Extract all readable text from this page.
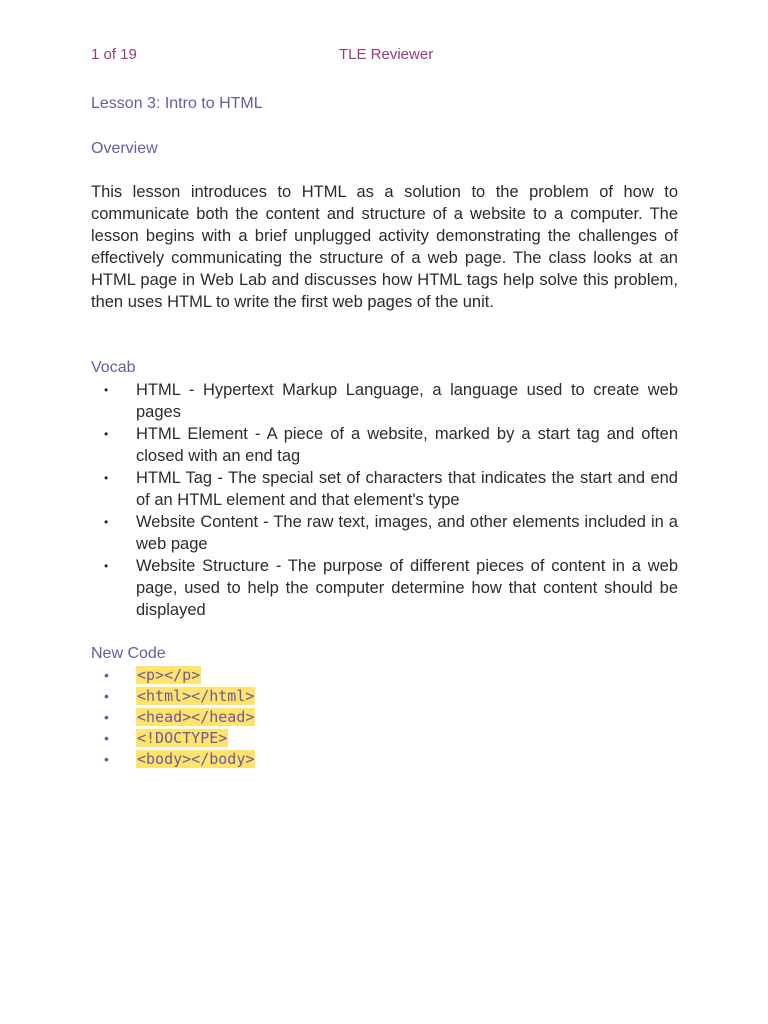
1 of 19	TLE Reviewer
Lesson 3: Intro to HTML
Overview
This lesson introduces to HTML as a solution to the problem of how to communicate both the content and structure of a website to a computer. The lesson begins with a brief unplugged activity demonstrating the challenges of effectively communicating the structure of a web page. The class looks at an HTML page in Web Lab and discusses how HTML tags help solve this problem, then uses HTML to write the first web pages of the unit.
Vocab
• HTML - Hypertext Markup Language, a language used to create web pages
• HTML Element - A piece of a website, marked by a start tag and often closed with an end tag
• HTML Tag - The special set of characters that indicates the start and end of an HTML element and that element's type
• Website Content - The raw text, images, and other elements included in a web page
• Website Structure - The purpose of different pieces of content in a web page, used to help the computer determine how that content should be displayed
New Code
• <p></p>
• <html></html>
• <head></head>
• <!DOCTYPE>
• <body></body>
